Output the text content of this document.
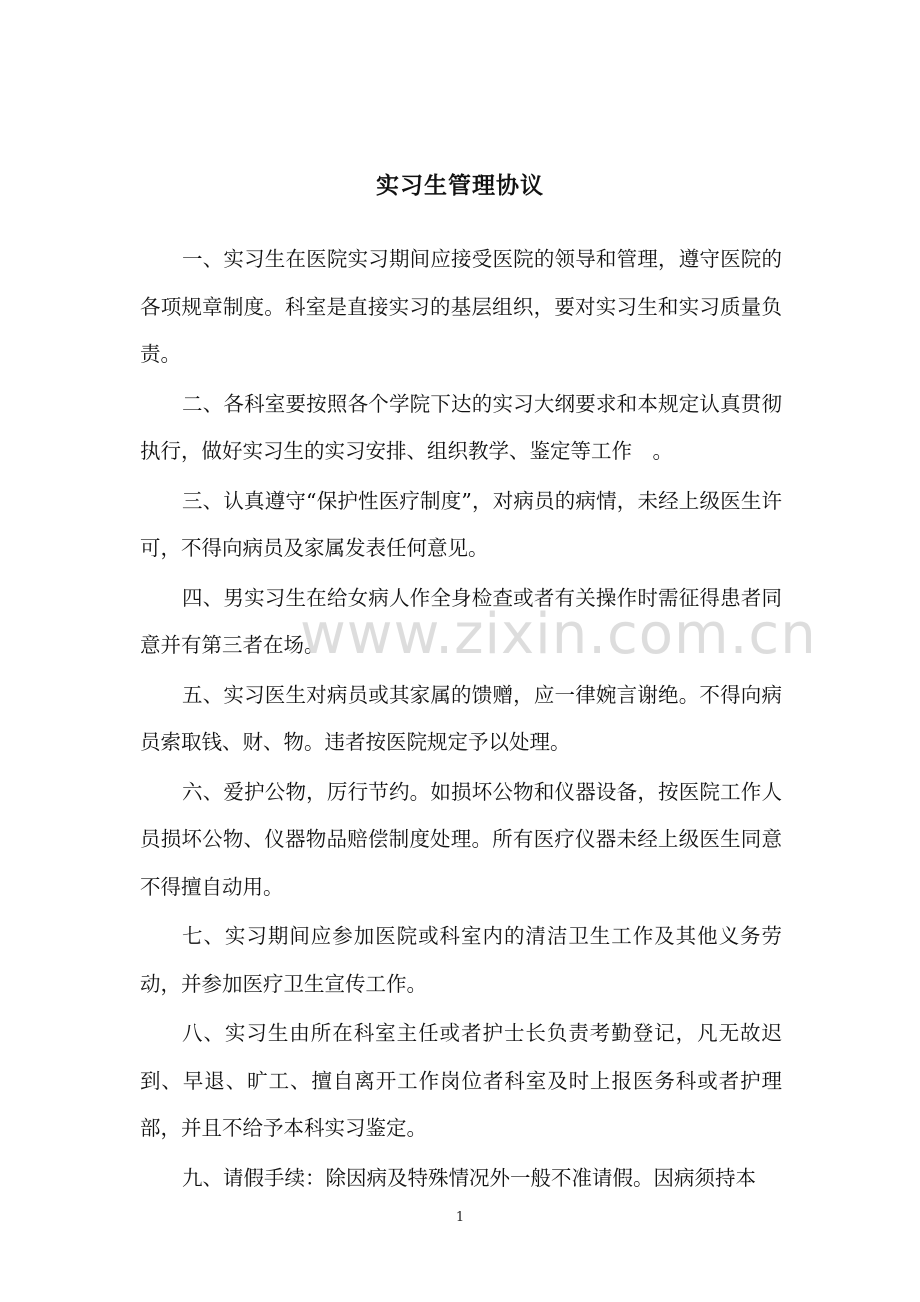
实习生管理协议

一、实习生在医院实习期间应接受医院的领导和管理，遵守医院的各项规章制度。科室是直接实习的基层组织，要对实习生和实习质量负责。

二、各科室要按照各个学院下达的实习大纲要求和本规定认真贯彻执行，做好实习生的实习安排、组织教学、鉴定等工作　。

三、认真遵守“保护性医疗制度”，对病员的病情，未经上级医生许可，不得向病员及家属发表任何意见。

四、男实习生在给女病人作全身检查或者有关操作时需征得患者同意并有第三者在场。

五、实习医生对病员或其家属的馈赠，应一律婉言谢绝。不得向病员索取钱、财、物。违者按医院规定予以处理。

六、爱护公物，厉行节约。如损坏公物和仪器设备，按医院工作人员损坏公物、仪器物品赔偿制度处理。所有医疗仪器未经上级医生同意不得擅自动用。

七、实习期间应参加医院或科室内的清洁卫生工作及其他义务劳动，并参加医疗卫生宣传工作。

八、实习生由所在科室主任或者护士长负责考勤登记，凡无故迟到、早退、旷工、擅自离开工作岗位者科室及时上报医务科或者护理部，并且不给予本科实习鉴定。

九、请假手续：除因病及特殊情况外一般不准请假。因病须持本

www.zixin.com.cn
1
